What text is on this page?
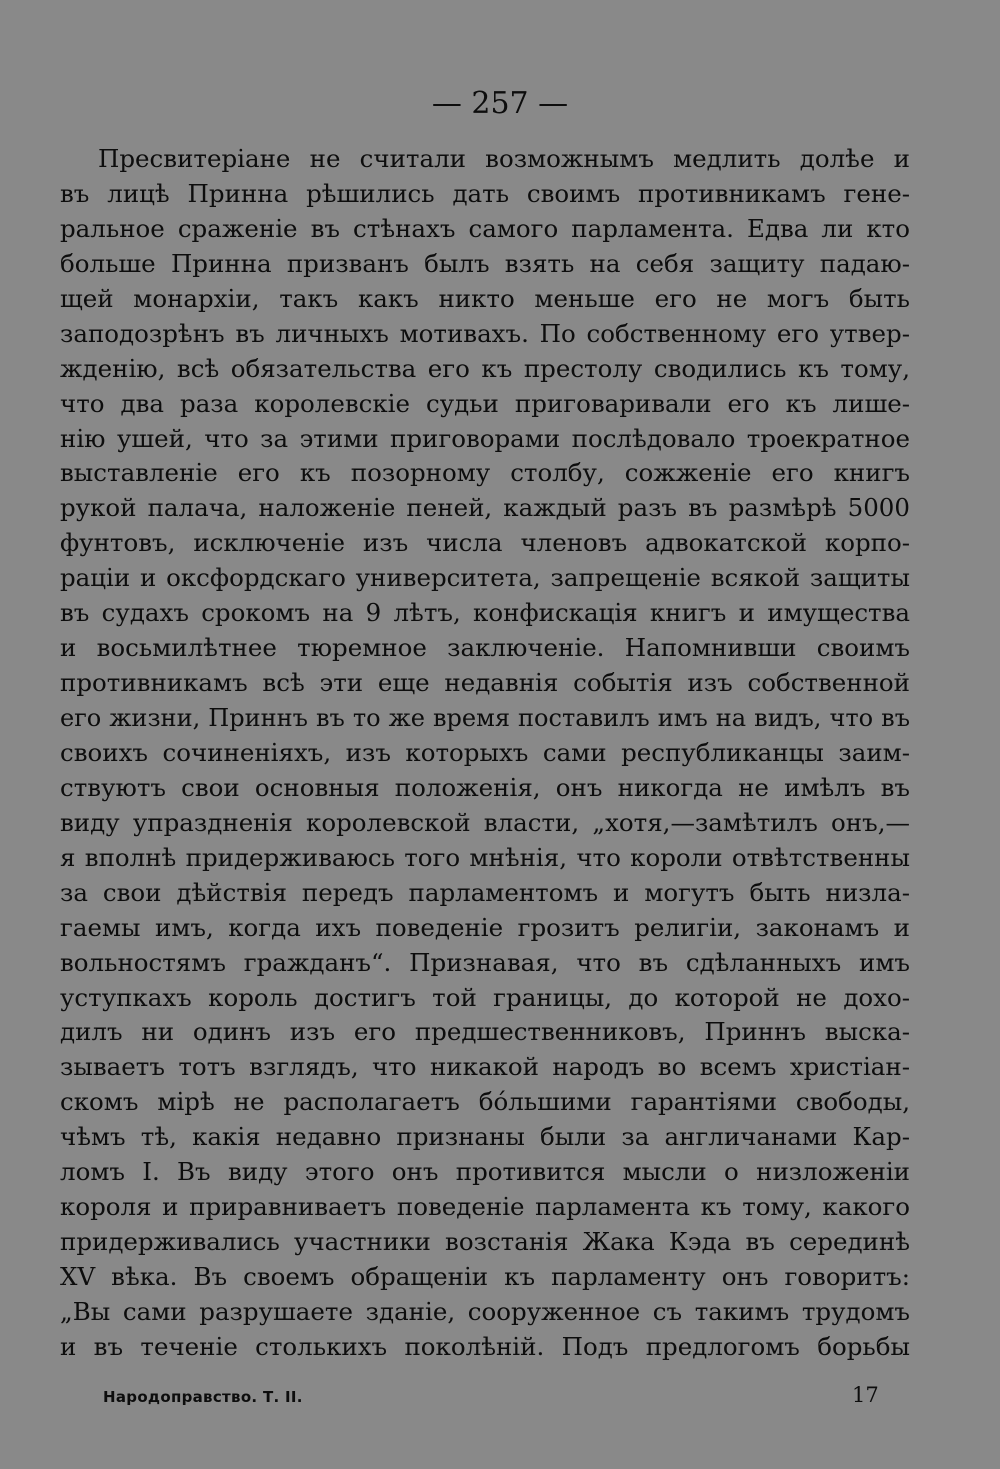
— 257 —
Пресвитеріане не считали возможнымъ медлить долѣе и
въ лицѣ Принна рѣшились дать своимъ противникамъ гене-
ральное сраженіе въ стѣнахъ самого парламента. Едва ли кто
больше Принна призванъ былъ взять на себя защиту падаю-
щей монархіи, такъ какъ никто меньше его не могъ быть
заподозрѣнъ въ личныхъ мотивахъ. По собственному его утвер-
жденію, всѣ обязательства его къ престолу сводились къ тому,
что два раза королевскіе судьи приговаривали его къ лише-
нію ушей, что за этими приговорами послѣдовало троекратное
выставленіе его къ позорному столбу, сожженіе его книгъ
рукой палача, наложеніе пеней, каждый разъ въ размѣрѣ 5000
фунтовъ, исключеніе изъ числа членовъ адвокатской корпо-
раціи и оксфордскаго университета, запрещеніе всякой защиты
въ судахъ срокомъ на 9 лѣтъ, конфискація книгъ и имущества
и восьмилѣтнее тюремное заключеніе. Напомнивши своимъ
противникамъ всѣ эти еще недавнія событія изъ собственной
его жизни, Приннъ въ то же время поставилъ имъ на видъ, что въ
своихъ сочиненіяхъ, изъ которыхъ сами республиканцы заим-
ствуютъ свои основныя положенія, онъ никогда не имѣлъ въ
виду упраздненія королевской власти, „хотя,—замѣтилъ онъ,—
я вполнѣ придерживаюсь того мнѣнія, что короли отвѣтственны
за свои дѣйствія передъ парламентомъ и могутъ быть низла-
гаемы имъ, когда ихъ поведеніе грозитъ религіи, законамъ и
вольностямъ гражданъ“. Признавая, что въ сдѣланныхъ имъ
уступкахъ король достигъ той границы, до которой не дохо-
дилъ ни одинъ изъ его предшественниковъ, Приннъ выска-
зываетъ тотъ взглядъ, что никакой народъ во всемъ христіан-
скомъ мірѣ не располагаетъ бо́льшими гарантіями свободы,
чѣмъ тѣ, какія недавно признаны были за англичанами Кар-
ломъ I. Въ виду этого онъ противится мысли о низложеніи
короля и приравниваетъ поведеніе парламента къ тому, какого
придерживались участники возстанія Жака Кэда въ серединѣ
XV вѣка. Въ своемъ обращеніи къ парламенту онъ говоритъ:
„Вы сами разрушаете зданіе, сооруженное съ такимъ трудомъ
и въ теченіе столькихъ поколѣній. Подъ предлогомъ борьбы
Народоправство. Т. II.	17
